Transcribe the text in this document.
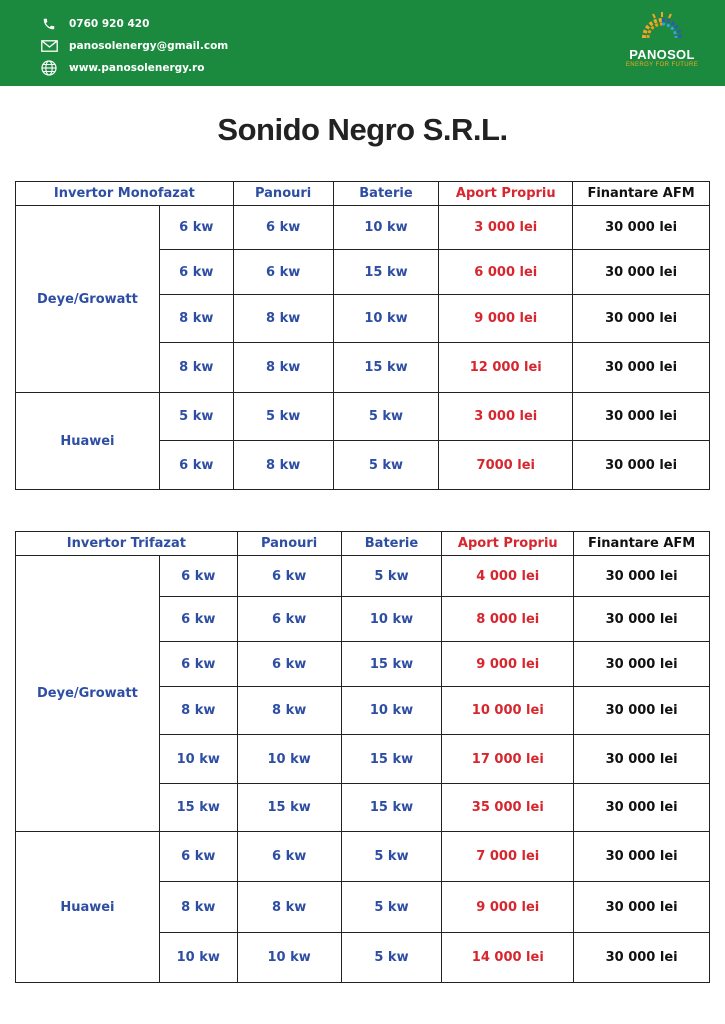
0760 920 420
panosolenergy@gmail.com
www.panosolenergy.ro
PANOSOL
ENERGY FOR FUTURE
Sonido Negro S.R.L.
Invertor Monofazat		Panouri	Baterie	Aport Propriu	Finantare AFM
Deye/Growatt	6 kw	6 kw	10 kw	3 000 lei	30 000 lei
	6 kw	6 kw	15 kw	6 000 lei	30 000 lei
	8 kw	8 kw	10 kw	9 000 lei	30 000 lei
	8 kw	8 kw	15 kw	12 000 lei	30 000 lei
Huawei	5 kw	5 kw	5 kw	3 000 lei	30 000 lei
	6 kw	8 kw	5 kw	7000 lei	30 000 lei
Invertor Trifazat		Panouri	Baterie	Aport Propriu	Finantare AFM
Deye/Growatt	6 kw	6 kw	5 kw	4 000 lei	30 000 lei
	6 kw	6 kw	10 kw	8 000 lei	30 000 lei
	6 kw	6 kw	15 kw	9 000 lei	30 000 lei
	8 kw	8 kw	10 kw	10 000 lei	30 000 lei
	10 kw	10 kw	15 kw	17 000 lei	30 000 lei
	15 kw	15 kw	15 kw	35 000 lei	30 000 lei
Huawei	6 kw	6 kw	5 kw	7 000 lei	30 000 lei
	8 kw	8 kw	5 kw	9 000 lei	30 000 lei
	10 kw	10 kw	5 kw	14 000 lei	30 000 lei
